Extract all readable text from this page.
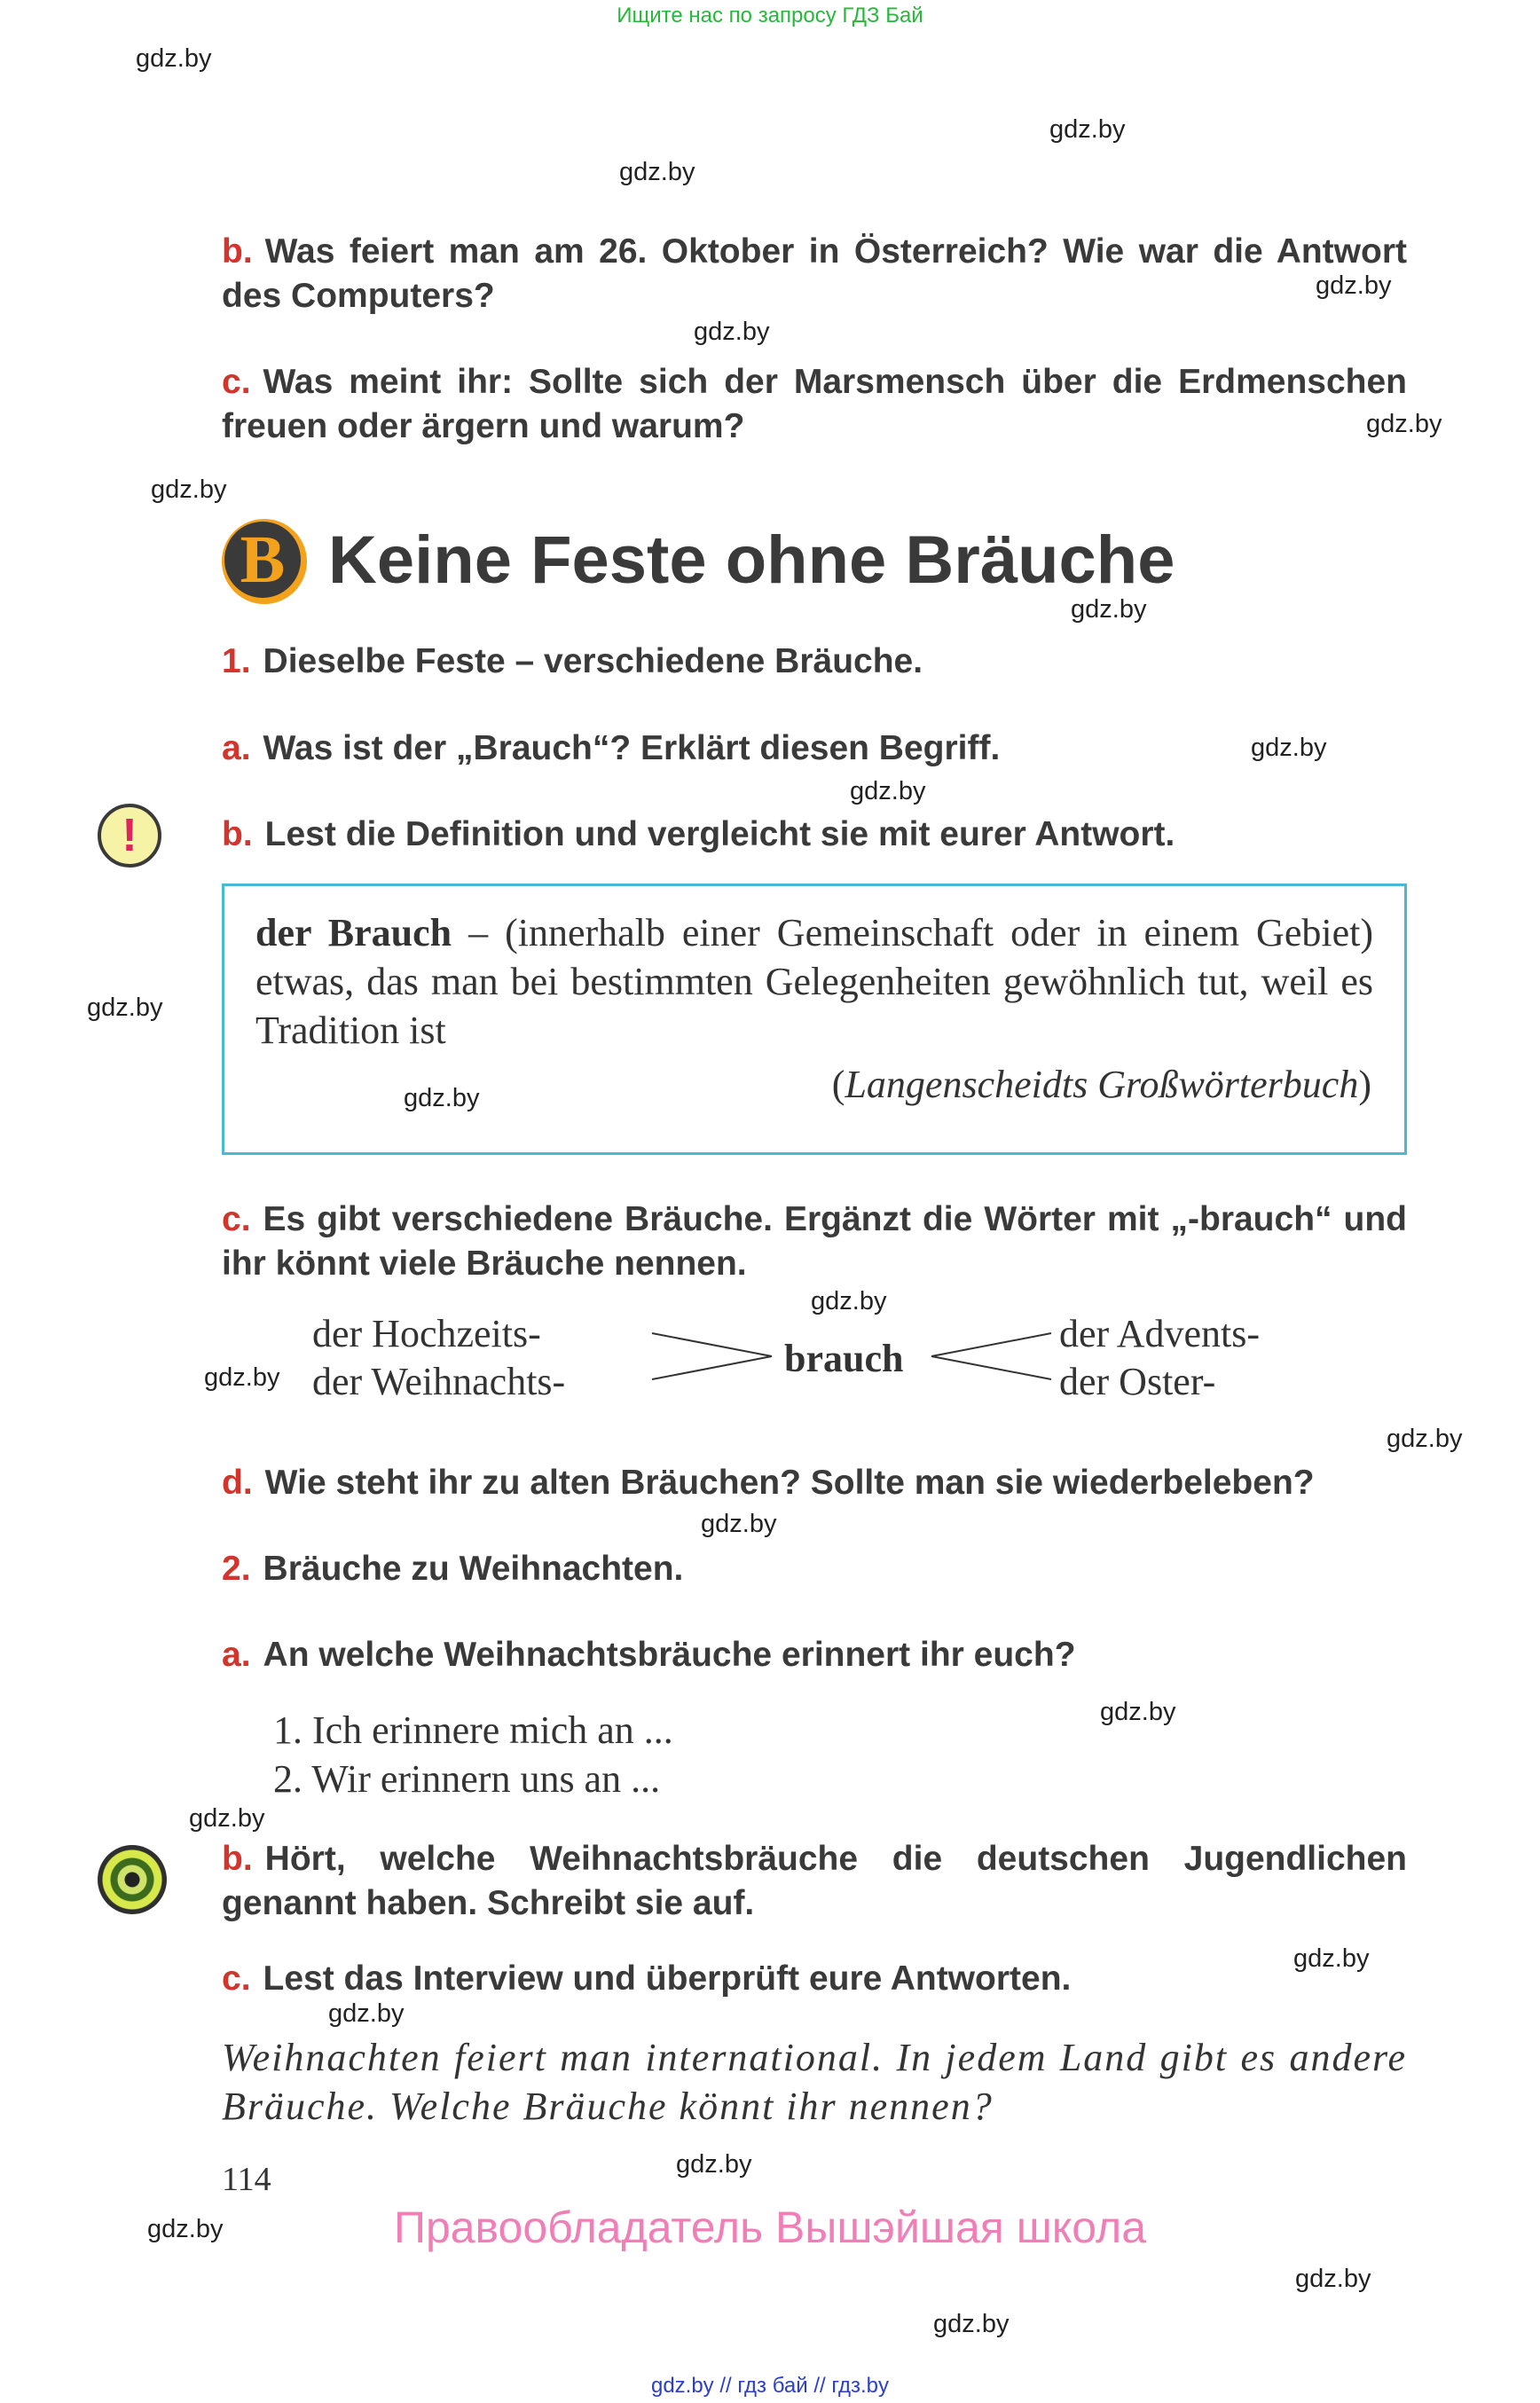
Ищите нас по запросу ГДЗ Бай
gdz.by
gdz.by
gdz.by
gdz.by
gdz.by
gdz.by
gdz.by
gdz.by
gdz.by
gdz.by
gdz.by
gdz.by
gdz.by
gdz.by
gdz.by
gdz.by
gdz.by
gdz.by
gdz.by
gdz.by
gdz.by
gdz.by
gdz.by
gdz.by
b. Was feiert man am 26. Oktober in Österreich? Wie war die Antwort des Computers?
c. Was meint ihr: Sollte sich der Marsmensch über die Erdmenschen freuen oder ärgern und warum?
B Keine Feste ohne Bräuche
1. Dieselbe Feste – verschiedene Bräuche.
a. Was ist der „Brauch“? Erklärt diesen Begriff.
!	b. Lest die Definition und vergleicht sie mit eurer Antwort.
der Brauch – (innerhalb einer Gemeinschaft oder in einem Gebiet) etwas, das man bei bestimmten Gelegenheiten gewöhnlich tut, weil es Tradition ist
(Langenscheidts Großwörterbuch)
c. Es gibt verschiedene Bräuche. Ergänzt die Wörter mit „-brauch“ und ihr könnt viele Bräuche nennen.
der Hochzeits-
der Weihnachts-
brauch
der Advents-
der Oster-
d. Wie steht ihr zu alten Bräuchen? Sollte man sie wiederbeleben?
2. Bräuche zu Weihnachten.
a. An welche Weihnachtsbräuche erinnert ihr euch?
1. Ich erinnere mich an ...
2. Wir erinnern uns an ...
b. Hört, welche Weihnachtsbräuche die deutschen Jugendlichen genannt haben. Schreibt sie auf.
c. Lest das Interview und überprüft eure Antworten.
Weihnachten feiert man international. In jedem Land gibt es andere Bräuche. Welche Bräuche könnt ihr nennen?
114
Правообладатель Вышэйшая школа
gdz.by // гдз бай // гдз.by
